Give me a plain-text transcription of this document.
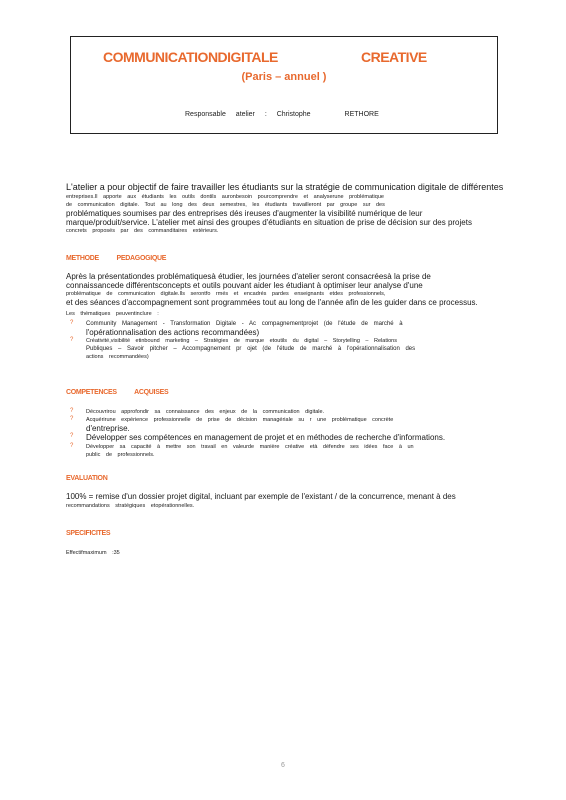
COMMUNICATIONDIGITALE	CREATIVE
(Paris – annuel )
Responsable atelier : Christophe	RETHORE

L'atelier a pour objectif de faire travailler les étudiants sur la stratégie de communication digitale de différentes

entreprises.Il apporte aux étudiants les outils dontils auronbesoin pourcomprendre et analyserune problématique

de communication digitale. Tout au long des deux semestres, les étudiants travailleront par groupe sur des

problématiques soumises par des entreprises dés ireuses d'augmenter la visibilité numérique de leur

marque/produit/service. L'atelier met ainsi des groupes d'étudiants en situation de prise de décision sur des projets

concrets proposés par des commanditaires extérieurs.

METHODE PEDAGOGIQUE

Après la présentationdes problématiquesà étudier, les journées d'atelier seront consacréesà la prise de

connaissancede différentsconcepts et outils pouvant aider les étudiant à optimiser leur analyse d'une

problématique de communication digitale.Ils serontfo rmés et encadrés pardes enseignants etdes professionnels,

et des séances d'accompagnement sont programmées tout au long de l'année afin de les guider dans ce processus.

Les thématiques peuventinclure :

? Community Management - Transformation Digitale - Ac compagnementprojet (de l'étude de marché à

l'opérationnalisation des actions recommandées)

? Créativité,visibilité etinbound marketing – Stratégies de marque etoutils du digital – Storytelling – Relations

Publiques – Savoir pitcher – Accompagnement pr ojet (de l'étude de marché à l'opérationnalisation des

actions recommandées)

COMPETENCES ACQUISES

? Découvrirou approfondir sa connaissance des enjeux de la communication digitale.

? Acquérirune expérience professionnelle de prise de décision managériale su r une problématique concrète

d'entreprise.

? Développer ses compétences en management de projet et en méthodes de recherche d'informations.

? Développer sa capacité à mettre son travail en valeurde manière créative età défendre ses idées face à un

public de professionnels.

EVALUATION

100% = remise d'un dossier projet digital, incluant par exemple de l'existant / de la concurrence, menant à des

recommandations stratégiques etopérationnelles.

SPECIFICITES

Effectifmaximum :35

6
